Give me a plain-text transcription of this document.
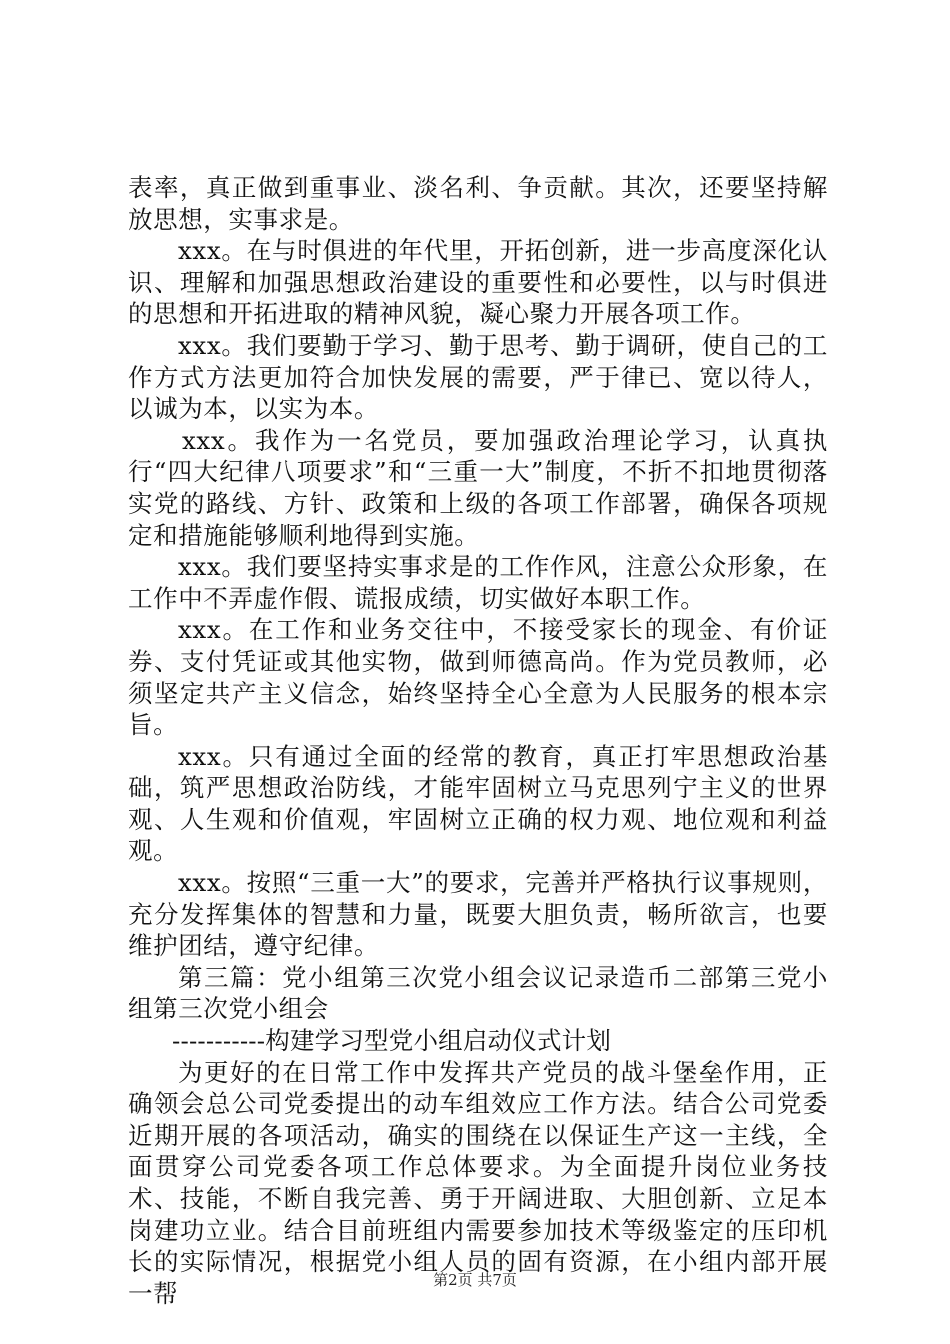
表率，真正做到重事业、淡名利、争贡献。其次，还要坚持解放思想，实事求是。

xxx。在与时俱进的年代里，开拓创新，进一步高度深化认识、理解和加强思想政治建设的重要性和必要性，以与时俱进的思想和开拓进取的精神风貌，凝心聚力开展各项工作。

xxx。我们要勤于学习、勤于思考、勤于调研，使自己的工作方式方法更加符合加快发展的需要，严于律已、宽以待人，以诚为本，以实为本。

xxx。我作为一名党员，要加强政治理论学习，认真执行“四大纪律八项要求”和“三重一大”制度，不折不扣地贯彻落实党的路线、方针、政策和上级的各项工作部署，确保各项规定和措施能够顺利地得到实施。

xxx。我们要坚持实事求是的工作作风，注意公众形象，在工作中不弄虚作假、谎报成绩，切实做好本职工作。

xxx。在工作和业务交往中，不接受家长的现金、有价证券、支付凭证或其他实物，做到师德高尚。作为党员教师，必须坚定共产主义信念，始终坚持全心全意为人民服务的根本宗旨。

xxx。只有通过全面的经常的教育，真正打牢思想政治基础，筑严思想政治防线，才能牢固树立马克思列宁主义的世界观、人生观和价值观，牢固树立正确的权力观、地位观和利益观。

xxx。按照“三重一大”的要求，完善并严格执行议事规则，充分发挥集体的智慧和力量，既要大胆负责，畅所欲言，也要维护团结，遵守纪律。

第三篇：党小组第三次党小组会议记录造币二部第三党小组第三次党小组会

-----------构建学习型党小组启动仪式计划

为更好的在日常工作中发挥共产党员的战斗堡垒作用，正确领会总公司党委提出的动车组效应工作方法。结合公司党委近期开展的各项活动，确实的围绕在以保证生产这一主线，全面贯穿公司党委各项工作总体要求。为全面提升岗位业务技术、技能，不断自我完善、勇于开阔进取、大胆创新、立足本岗建功立业。结合目前班组内需要参加技术等级鉴定的压印机长的实际情况，根据党小组人员的固有资源，在小组内部开展一帮	第2页 共7页
